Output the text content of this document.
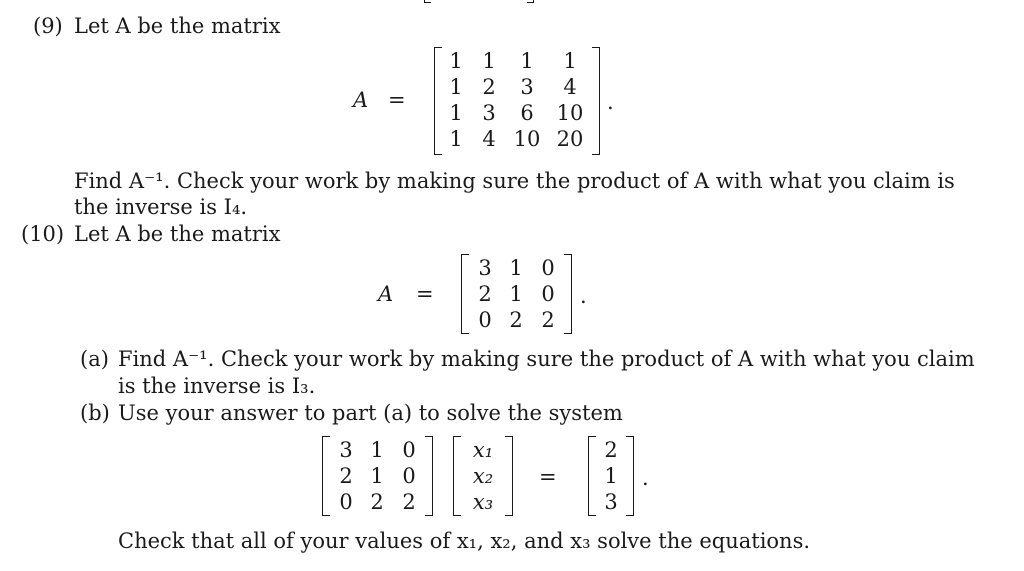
(9) Let A be the matrix
A =
1 1	1	1
1 2	3	4
1 3	6	10
1 4 10 20
.
Find A⁻¹. Check your work by making sure the product of A with what you claim is
the inverse is I₄.
(10) Let A be the matrix
A =
3 1 0
2 1 0
0 2 2
.
(a) Find A⁻¹. Check your work by making sure the product of A with what you claim
is the inverse is I₃.
(b) Use your answer to part (a) to solve the system
3 1 0
2 1 0
0 2 2
x₁
x₂
x₃
=
2
1
3
.
Check that all of your values of x₁, x₂, and x₃ solve the equations.
